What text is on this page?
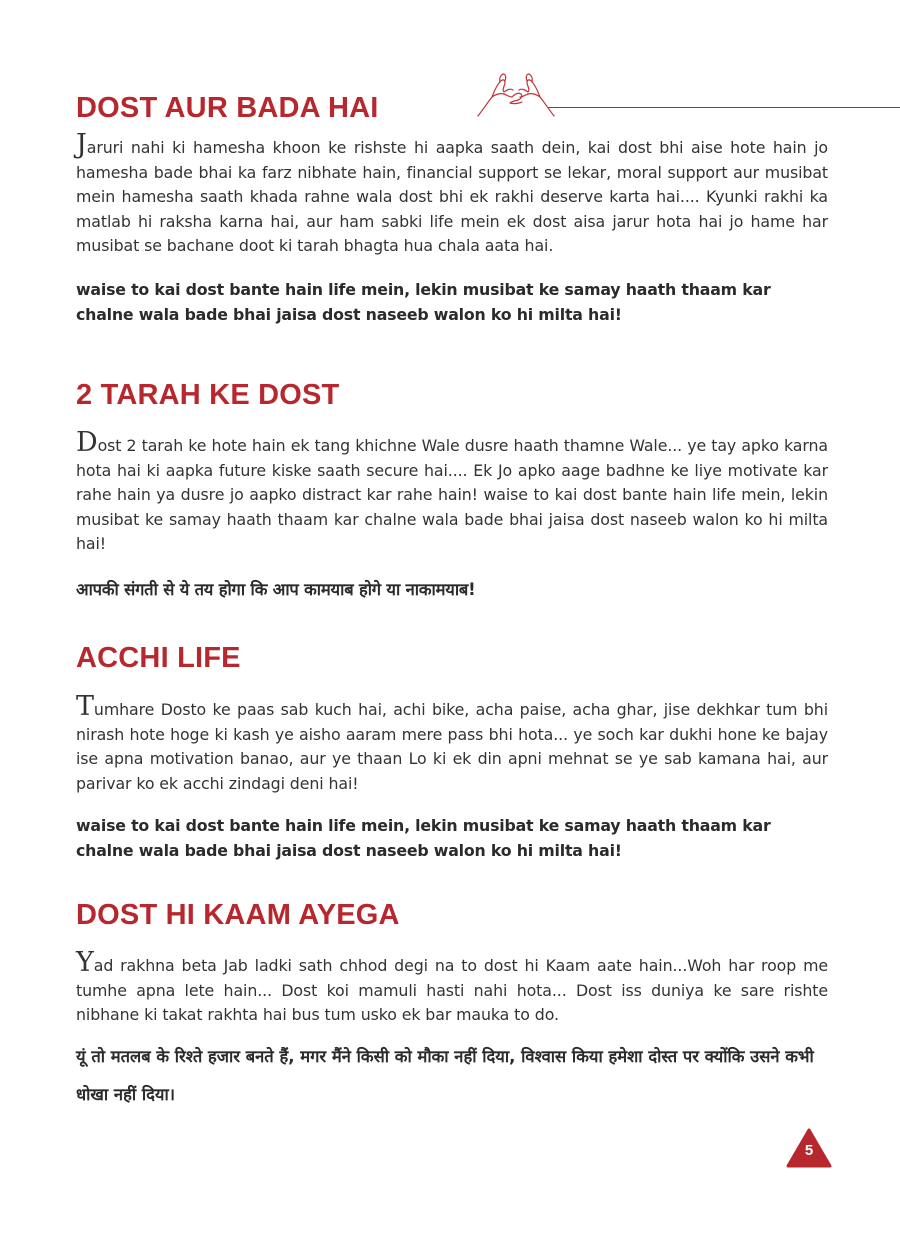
DOST AUR BADA HAI

Jaruri nahi ki hamesha khoon ke rishste hi aapka saath dein, kai dost bhi aise hote hain jo hamesha bade bhai ka farz nibhate hain, financial support se lekar, moral support aur musibat mein hamesha saath khada rahne wala dost bhi ek rakhi deserve karta hai.... Kyunki rakhi ka matlab hi raksha karna hai, aur ham sabki life mein ek dost aisa jarur hota hai jo hame har musibat se bachane doot ki tarah bhagta hua chala aata hai.

waise to kai dost bante hain life mein, lekin musibat ke samay haath thaam kar chalne wala bade bhai jaisa dost naseeb walon ko hi milta hai!

2 TARAH KE DOST

Dost 2 tarah ke hote hain ek tang khichne Wale dusre haath thamne Wale... ye tay apko karna hota hai ki aapka future kiske saath secure hai.... Ek Jo apko aage badhne ke liye motivate kar rahe hain ya dusre jo aapko distract kar rahe hain! waise to kai dost bante hain life mein, lekin musibat ke samay haath thaam kar chalne wala bade bhai jaisa dost naseeb walon ko hi milta hai!

आपकी संगती से ये तय होगा कि आप कामयाब होगे या नाकामयाब!

ACCHI LIFE

Tumhare Dosto ke paas sab kuch hai, achi bike, acha paise, acha ghar, jise dekhkar tum bhi nirash hote hoge ki kash ye aisho aaram mere pass bhi hota... ye soch kar dukhi hone ke bajay ise apna motivation banao, aur ye thaan Lo ki ek din apni mehnat se ye sab kamana hai, aur parivar ko ek acchi zindagi deni hai!

waise to kai dost bante hain life mein, lekin musibat ke samay haath thaam kar chalne wala bade bhai jaisa dost naseeb walon ko hi milta hai!

DOST HI KAAM AYEGA

Yad rakhna beta Jab ladki sath chhod degi na to dost hi Kaam aate hain...Woh har roop me tumhe apna lete hain... Dost koi mamuli hasti nahi hota... Dost iss duniya ke sare rishte nibhane ki takat rakhta hai bus tum usko ek bar mauka to do.

यूं तो मतलब के रिश्ते हजार बनते हैं, मगर मैंने किसी को मौका नहीं दिया, विश्वास किया हमेशा दोस्त पर क्योंकि उसने कभी धोखा नहीं दिया।

5
